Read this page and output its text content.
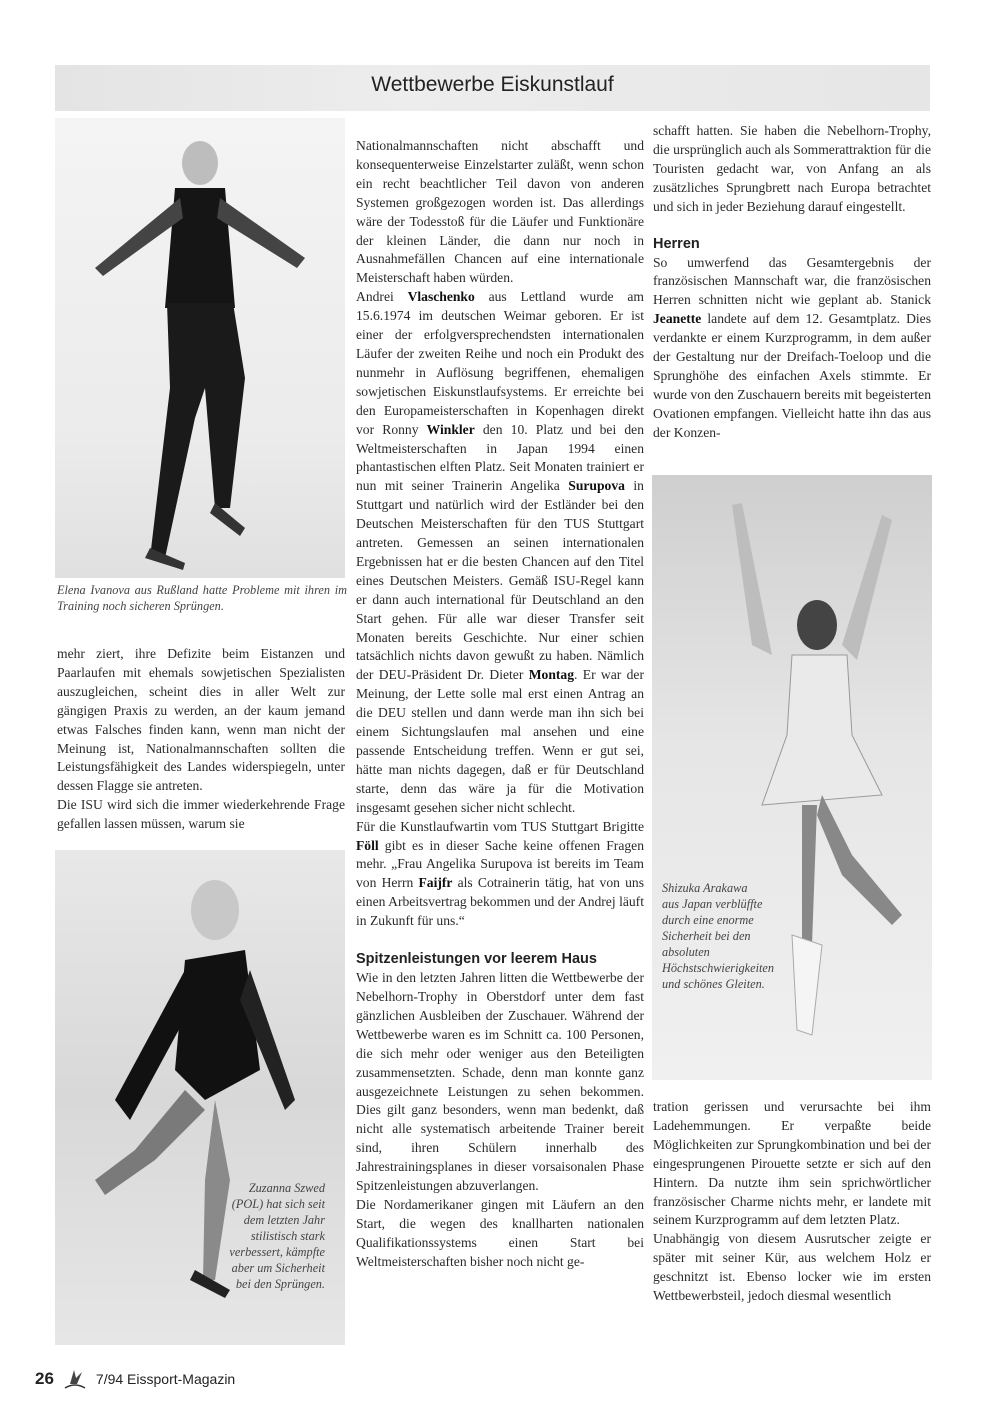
Wettbewerbe Eiskunstlauf
Elena Ivanova aus Rußland hatte Probleme mit ihren im Training noch sicheren Sprüngen.

mehr ziert, ihre Defizite beim Eistanzen und Paarlaufen mit ehemals sowjetischen Spezialisten auszugleichen, scheint dies in aller Welt zur gängigen Praxis zu werden, an der kaum jemand etwas Falsches finden kann, wenn man nicht der Meinung ist, Nationalmannschaften sollten die Leistungsfähigkeit des Landes widerspiegeln, unter dessen Flagge sie antreten.

Die ISU wird sich die immer wiederkehrende Frage gefallen lassen müssen, warum sie

Zuzanna Szwed (POL) hat sich seit dem letzten Jahr stilistisch stark verbessert, kämpfte aber um Sicherheit bei den Sprüngen.

Nationalmannschaften nicht abschafft und konsequenterweise Einzelstarter zuläßt, wenn schon ein recht beachtlicher Teil davon von anderen Systemen großgezogen worden ist. Das allerdings wäre der Todesstoß für die Läufer und Funktionäre der kleinen Länder, die dann nur noch in Ausnahmefällen Chancen auf eine internationale Meisterschaft haben würden.

Andrei Vlaschenko aus Lettland wurde am 15.6.1974 im deutschen Weimar geboren. Er ist einer der erfolgversprechendsten internationalen Läufer der zweiten Reihe und noch ein Produkt des nunmehr in Auflösung begriffenen, ehemaligen sowjetischen Eiskunstlaufsystems. Er erreichte bei den Europameisterschaften in Kopenhagen direkt vor Ronny Winkler den 10. Platz und bei den Weltmeisterschaften in Japan 1994 einen phantastischen elften Platz. Seit Monaten trainiert er nun mit seiner Trainerin Angelika Surupova in Stuttgart und natürlich wird der Estländer bei den Deutschen Meisterschaften für den TUS Stuttgart antreten. Gemessen an seinen internationalen Ergebnissen hat er die besten Chancen auf den Titel eines Deutschen Meisters. Gemäß ISU-Regel kann er dann auch international für Deutschland an den Start gehen. Für alle war dieser Transfer seit Monaten bereits Geschichte. Nur einer schien tatsächlich nichts davon gewußt zu haben. Nämlich der DEU-Präsident Dr. Dieter Montag. Er war der Meinung, der Lette solle mal erst einen Antrag an die DEU stellen und dann werde man ihn sich bei einem Sichtungslaufen mal ansehen und eine passende Entscheidung treffen. Wenn er gut sei, hätte man nichts dagegen, daß er für Deutschland starte, denn das wäre ja für die Motivation insgesamt gesehen sicher nicht schlecht.

Für die Kunstlaufwartin vom TUS Stuttgart Brigitte Föll gibt es in dieser Sache keine offenen Fragen mehr. „Frau Angelika Surupova ist bereits im Team von Herrn Faijfr als Cotrainerin tätig, hat von uns einen Arbeitsvertrag bekommen und der Andrej läuft in Zukunft für uns.“

Spitzenleistungen vor leerem Haus

Wie in den letzten Jahren litten die Wettbewerbe der Nebelhorn-Trophy in Oberstdorf unter dem fast gänzlichen Ausbleiben der Zuschauer. Während der Wettbewerbe waren es im Schnitt ca. 100 Personen, die sich mehr oder weniger aus den Beteiligten zusammensetzten. Schade, denn man konnte ganz ausgezeichnete Leistungen zu sehen bekommen. Dies gilt ganz besonders, wenn man bedenkt, daß nicht alle systematisch arbeitende Trainer bereit sind, ihren Schülern innerhalb des Jahrestrainingsplanes in dieser vorsaisonalen Phase Spitzenleistungen abzuverlangen.

Die Nordamerikaner gingen mit Läufern an den Start, die wegen des knallharten nationalen Qualifikationssystems einen Start bei Weltmeisterschaften bisher noch nicht ge-

schafft hatten. Sie haben die Nebelhorn-Trophy, die ursprünglich auch als Sommerattraktion für die Touristen gedacht war, von Anfang an als zusätzliches Sprungbrett nach Europa betrachtet und sich in jeder Beziehung darauf eingestellt.

Herren

So umwerfend das Gesamtergebnis der französischen Mannschaft war, die französischen Herren schnitten nicht wie geplant ab. Stanick Jeanette landete auf dem 12. Gesamtplatz. Dies verdankte er einem Kurzprogramm, in dem außer der Gestaltung nur der Dreifach-Toeloop und die Sprunghöhe des einfachen Axels stimmte. Er wurde von den Zuschauern bereits mit begeisterten Ovationen empfangen. Vielleicht hatte ihn das aus der Konzen-

Shizuka Arakawa aus Japan verblüffte durch eine enorme Sicherheit bei den absoluten Höchstschwierigkeiten und schönes Gleiten.

tration gerissen und verursachte bei ihm Ladehemmungen. Er verpaßte beide Möglichkeiten zur Sprungkombination und bei der eingesprungenen Pirouette setzte er sich auf den Hintern. Da nutzte ihm sein sprichwörtlicher französischer Charme nichts mehr, er landete mit seinem Kurzprogramm auf dem letzten Platz.

Unabhängig von diesem Ausrutscher zeigte er später mit seiner Kür, aus welchem Holz er geschnitzt ist. Ebenso locker wie im ersten Wettbewerbsteil, jedoch diesmal wesentlich

26	7/94 Eissport-Magazin
